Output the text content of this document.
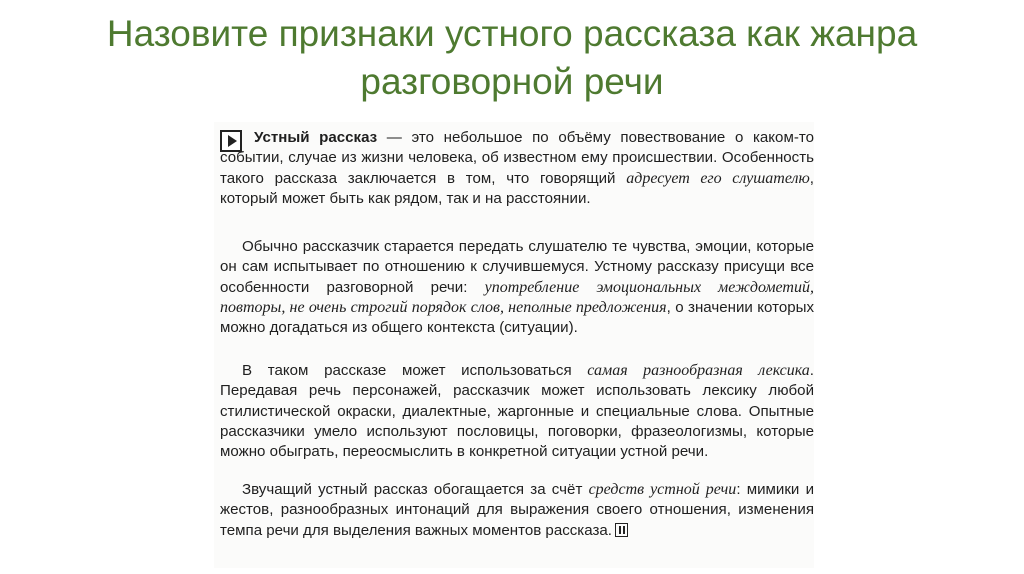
Назовите признаки устного рассказа как жанра разговорной речи

Устный рассказ — это небольшое по объёму повествование о каком-то событии, случае из жизни человека, об известном ему происшествии. Особенность такого рассказа заключается в том, что говорящий адресует его слушателю, который может быть как рядом, так и на расстоянии.

Обычно рассказчик старается передать слушателю те чувства, эмоции, которые он сам испытывает по отношению к случившемуся. Устному рассказу присущи все особенности разговорной речи: употребление эмоциональных междометий, повторы, не очень строгий порядок слов, неполные предложения, о значении которых можно догадаться из общего контекста (ситуации).

В таком рассказе может использоваться самая разнообразная лексика. Передавая речь персонажей, рассказчик может использовать лексику любой стилистической окраски, диалектные, жаргонные и специальные слова. Опытные рассказчики умело используют пословицы, поговорки, фразеологизмы, которые можно обыграть, переосмыслить в конкретной ситуации устной речи.

Звучащий устный рассказ обогащается за счёт средств устной речи: мимики и жестов, разнообразных интонаций для выражения своего отношения, изменения темпа речи для выделения важных моментов рассказа.
